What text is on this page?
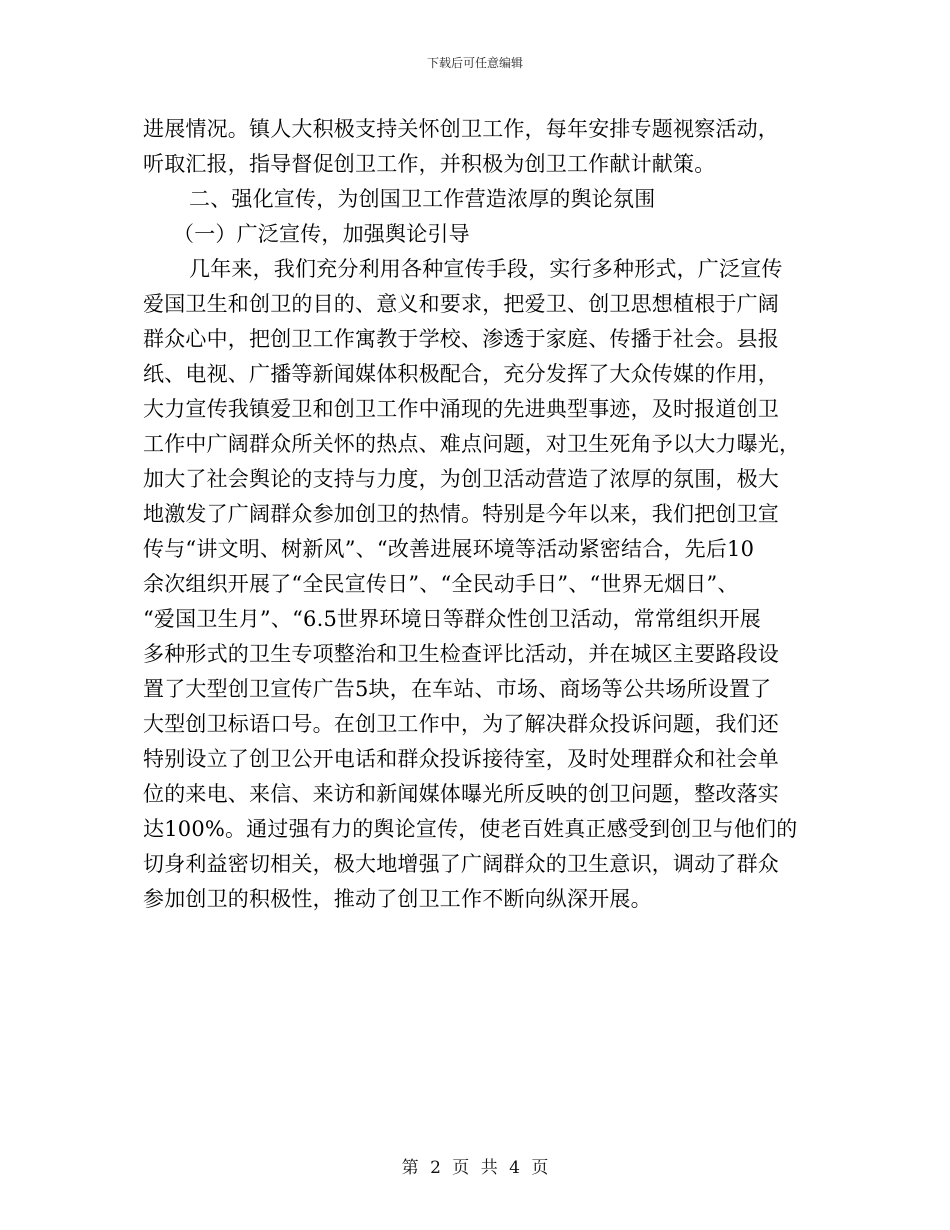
下载后可任意编辑
进展情况。镇人大积极支持关怀创卫工作，每年安排专题视察活动，
听取汇报，指导督促创卫工作，并积极为创卫工作献计献策。
二、强化宣传，为创国卫工作营造浓厚的舆论氛围
（一）广泛宣传，加强舆论引导
几年来，我们充分利用各种宣传手段，实行多种形式，广泛宣传
爱国卫生和创卫的目的、意义和要求，把爱卫、创卫思想植根于广阔
群众心中，把创卫工作寓教于学校、渗透于家庭、传播于社会。县报
纸、电视、广播等新闻媒体积极配合，充分发挥了大众传媒的作用，
大力宣传我镇爱卫和创卫工作中涌现的先进典型事迹，及时报道创卫
工作中广阔群众所关怀的热点、难点问题，对卫生死角予以大力曝光，
加大了社会舆论的支持与力度，为创卫活动营造了浓厚的氛围，极大
地激发了广阔群众参加创卫的热情。特别是今年以来，我们把创卫宣
传与“讲文明、树新风”、“改善进展环境等活动紧密结合，先后10
余次组织开展了“全民宣传日”、“全民动手日”、“世界无烟日”、
“爱国卫生月”、“6.5世界环境日等群众性创卫活动，常常组织开展
多种形式的卫生专项整治和卫生检查评比活动，并在城区主要路段设
置了大型创卫宣传广告5块，在车站、市场、商场等公共场所设置了
大型创卫标语口号。在创卫工作中，为了解决群众投诉问题，我们还
特别设立了创卫公开电话和群众投诉接待室，及时处理群众和社会单
位的来电、来信、来访和新闻媒体曝光所反映的创卫问题，整改落实
达100%。通过强有力的舆论宣传，使老百姓真正感受到创卫与他们的
切身利益密切相关，极大地增强了广阔群众的卫生意识，调动了群众
参加创卫的积极性，推动了创卫工作不断向纵深开展。
第 2 页 共 4 页
